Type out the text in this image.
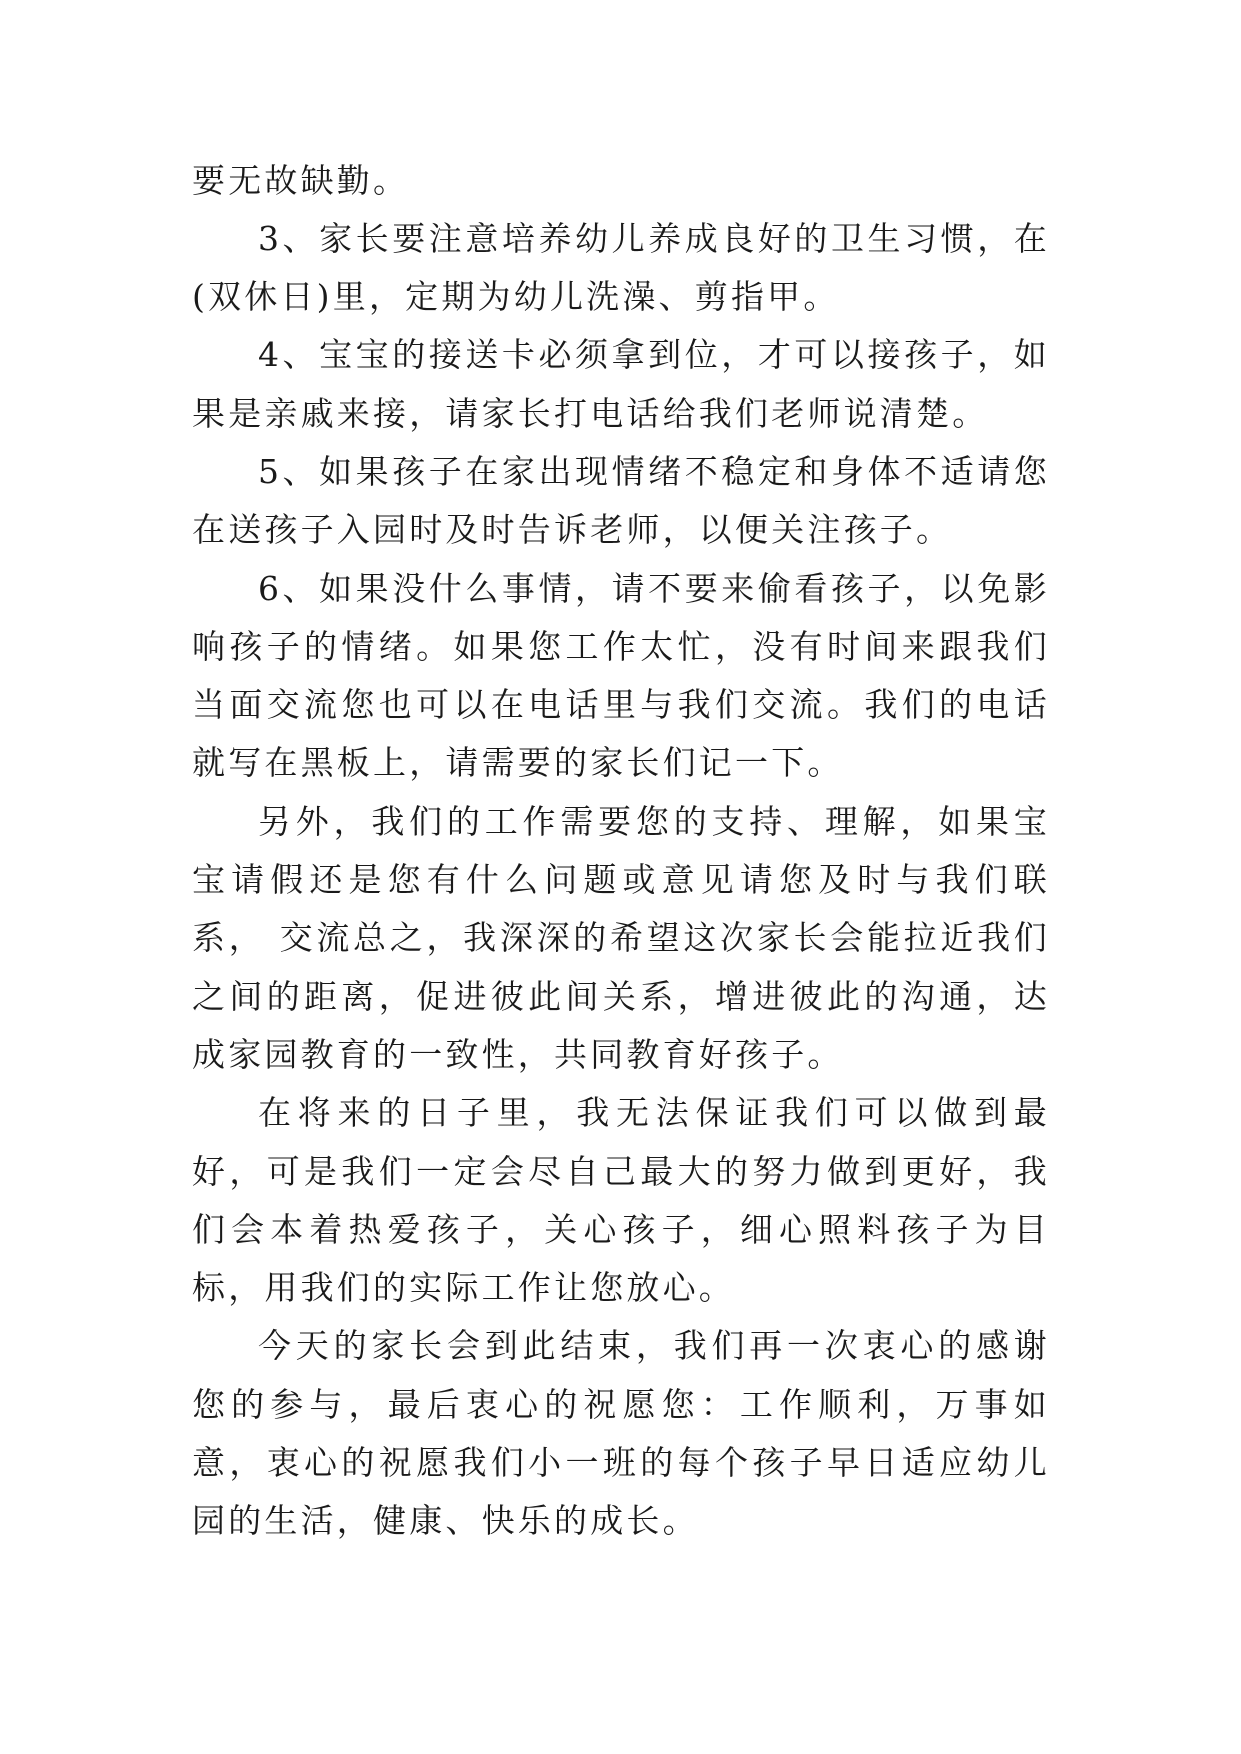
要无故缺勤。

3、家长要注意培养幼儿养成良好的卫生习惯，在(双休日)里，定期为幼儿洗澡、剪指甲。

4、宝宝的接送卡必须拿到位，才可以接孩子，如果是亲戚来接，请家长打电话给我们老师说清楚。

5、如果孩子在家出现情绪不稳定和身体不适请您在送孩子入园时及时告诉老师，以便关注孩子。

6、如果没什么事情，请不要来偷看孩子，以免影响孩子的情绪。如果您工作太忙，没有时间来跟我们当面交流您也可以在电话里与我们交流。我们的电话就写在黑板上，请需要的家长们记一下。

另外，我们的工作需要您的支持、理解，如果宝宝请假还是您有什么问题或意见请您及时与我们联系， 交流总之，我深深的希望这次家长会能拉近我们之间的距离，促进彼此间关系，增进彼此的沟通，达成家园教育的一致性，共同教育好孩子。

在将来的日子里，我无法保证我们可以做到最好，可是我们一定会尽自己最大的努力做到更好，我们会本着热爱孩子，关心孩子，细心照料孩子为目标，用我们的实际工作让您放心。

今天的家长会到此结束，我们再一次衷心的感谢您的参与，最后衷心的祝愿您：工作顺利，万事如意，衷心的祝愿我们小一班的每个孩子早日适应幼儿园的生活，健康、快乐的成长。
